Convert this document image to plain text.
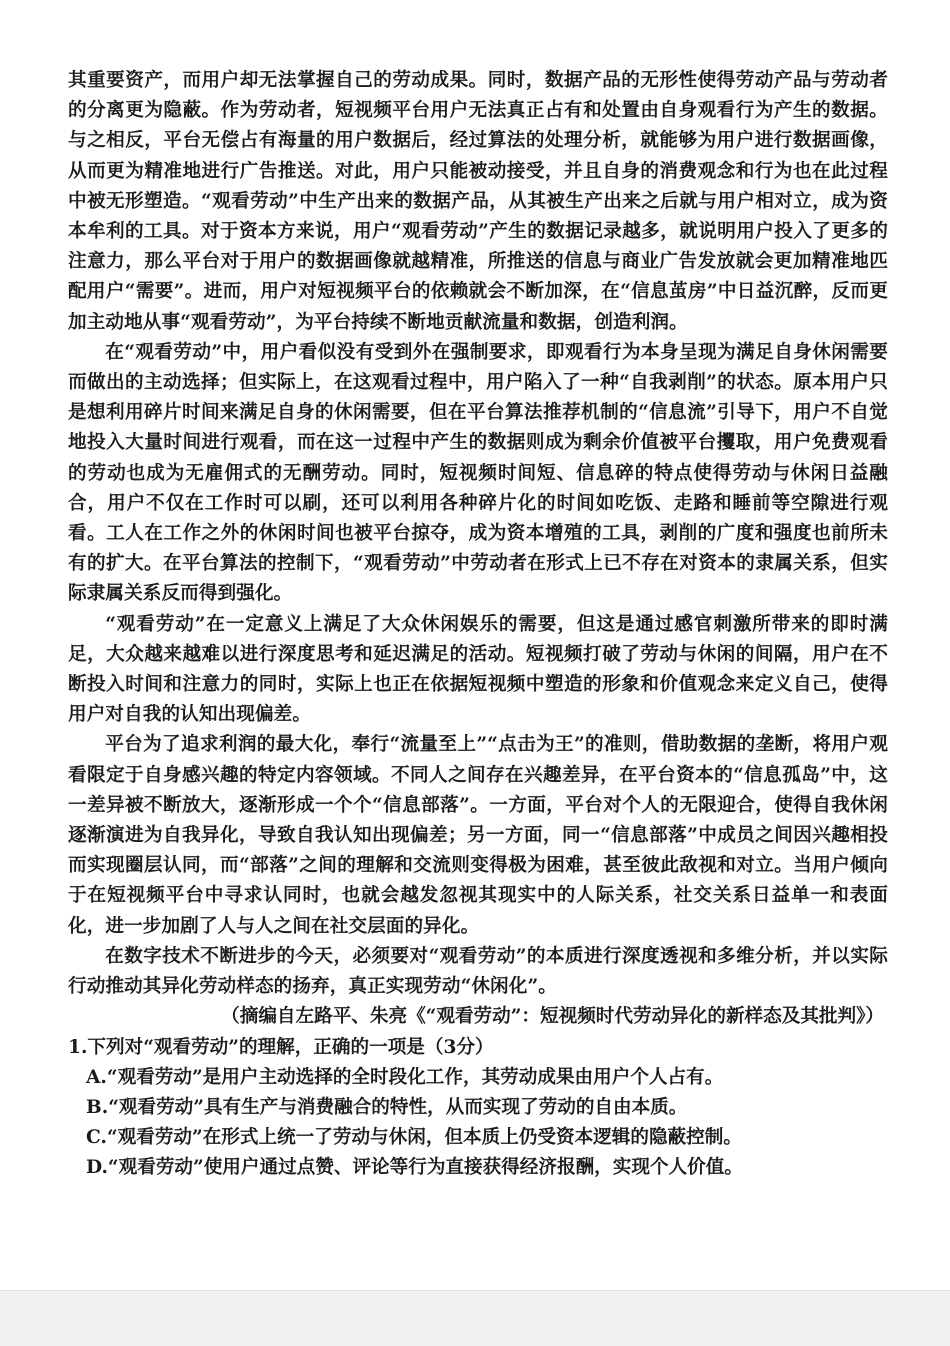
其重要资产，而用户却无法掌握自己的劳动成果。同时，数据产品的无形性使得劳动产品与劳动者的分离更为隐蔽。作为劳动者，短视频平台用户无法真正占有和处置由自身观看行为产生的数据。与之相反，平台无偿占有海量的用户数据后，经过算法的处理分析，就能够为用户进行数据画像，从而更为精准地进行广告推送。对此，用户只能被动接受，并且自身的消费观念和行为也在此过程中被无形塑造。“观看劳动”中生产出来的数据产品，从其被生产出来之后就与用户相对立，成为资本牟利的工具。对于资本方来说，用户“观看劳动”产生的数据记录越多，就说明用户投入了更多的注意力，那么平台对于用户的数据画像就越精准，所推送的信息与商业广告发放就会更加精准地匹配用户“需要”。进而，用户对短视频平台的依赖就会不断加深，在“信息茧房”中日益沉醉，反而更加主动地从事“观看劳动”，为平台持续不断地贡献流量和数据，创造利润。

在“观看劳动”中，用户看似没有受到外在强制要求，即观看行为本身呈现为满足自身休闲需要而做出的主动选择；但实际上，在这观看过程中，用户陷入了一种“自我剥削”的状态。原本用户只是想利用碎片时间来满足自身的休闲需要，但在平台算法推荐机制的“信息流”引导下，用户不自觉地投入大量时间进行观看，而在这一过程中产生的数据则成为剩余价值被平台攫取，用户免费观看的劳动也成为无雇佣式的无酬劳动。同时，短视频时间短、信息碎的特点使得劳动与休闲日益融合，用户不仅在工作时可以刷，还可以利用各种碎片化的时间如吃饭、走路和睡前等空隙进行观看。工人在工作之外的休闲时间也被平台掠夺，成为资本增殖的工具，剥削的广度和强度也前所未有的扩大。在平台算法的控制下，“观看劳动”中劳动者在形式上已不存在对资本的隶属关系，但实际隶属关系反而得到强化。

“观看劳动”在一定意义上满足了大众休闲娱乐的需要，但这是通过感官刺激所带来的即时满足，大众越来越难以进行深度思考和延迟满足的活动。短视频打破了劳动与休闲的间隔，用户在不断投入时间和注意力的同时，实际上也正在依据短视频中塑造的形象和价值观念来定义自己，使得用户对自我的认知出现偏差。

平台为了追求利润的最大化，奉行“流量至上”“点击为王”的准则，借助数据的垄断，将用户观看限定于自身感兴趣的特定内容领域。不同人之间存在兴趣差异，在平台资本的“信息孤岛”中，这一差异被不断放大，逐渐形成一个个“信息部落”。一方面，平台对个人的无限迎合，使得自我休闲逐渐演进为自我异化，导致自我认知出现偏差；另一方面，同一“信息部落”中成员之间因兴趣相投而实现圈层认同，而“部落”之间的理解和交流则变得极为困难，甚至彼此敌视和对立。当用户倾向于在短视频平台中寻求认同时，也就会越发忽视其现实中的人际关系，社交关系日益单一和表面化，进一步加剧了人与人之间在社交层面的异化。

在数字技术不断进步的今天，必须要对“观看劳动”的本质进行深度透视和多维分析，并以实际行动推动其异化劳动样态的扬弃，真正实现劳动“休闲化”。

（摘编自左路平、朱亮《“观看劳动”：短视频时代劳动异化的新样态及其批判》）

1.下列对“观看劳动”的理解，正确的一项是（3分）

A.“观看劳动”是用户主动选择的全时段化工作，其劳动成果由用户个人占有。
B.“观看劳动”具有生产与消费融合的特性，从而实现了劳动的自由本质。
C.“观看劳动”在形式上统一了劳动与休闲，但本质上仍受资本逻辑的隐蔽控制。
D.“观看劳动”使用户通过点赞、评论等行为直接获得经济报酬，实现个人价值。
